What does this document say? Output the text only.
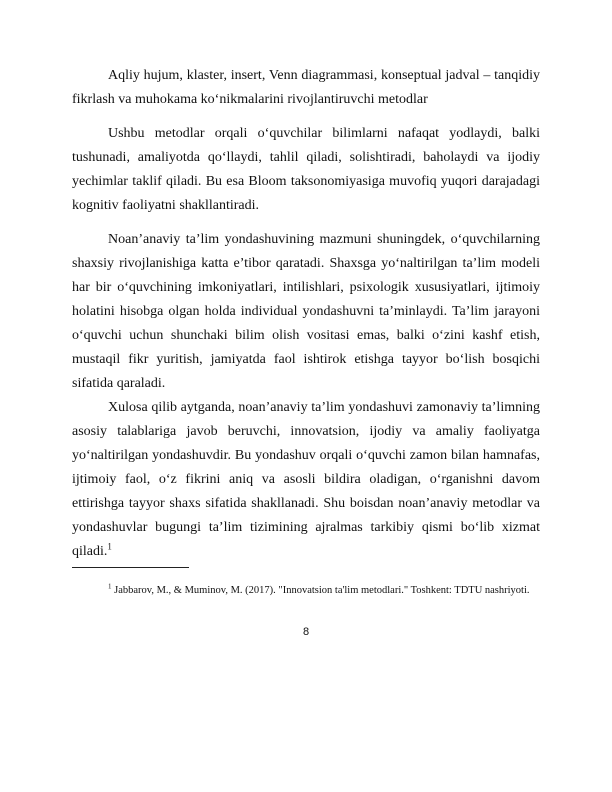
Aqliy hujum, klaster, insert, Venn diagrammasi, konseptual jadval – tanqidiy fikrlash va muhokama ko‘nikmalarini rivojlantiruvchi metodlar

Ushbu metodlar orqali o‘quvchilar bilimlarni nafaqat yodlaydi, balki tushunadi, amaliyotda qo‘llaydi, tahlil qiladi, solishtiradi, baholaydi va ijodiy yechimlar taklif qiladi. Bu esa Bloom taksonomiyasiga muvofiq yuqori darajadagi kognitiv faoliyatni shakllantiradi.

Noan’anaviy ta’lim yondashuvining mazmuni shuningdek, o‘quvchilarning shaxsiy rivojlanishiga katta e’tibor qaratadi. Shaxsga yo‘naltirilgan ta’lim modeli har bir o‘quvchining imkoniyatlari, intilishlari, psixologik xususiyatlari, ijtimoiy holatini hisobga olgan holda individual yondashuvni ta’minlaydi. Ta’lim jarayoni o‘quvchi uchun shunchaki bilim olish vositasi emas, balki o‘zini kashf etish, mustaqil fikr yuritish, jamiyatda faol ishtirok etishga tayyor bo‘lish bosqichi sifatida qaraladi.

Xulosa qilib aytganda, noan’anaviy ta’lim yondashuvi zamonaviy ta’limning asosiy talablariga javob beruvchi, innovatsion, ijodiy va amaliy faoliyatga yo‘naltirilgan yondashuvdir. Bu yondashuv orqali o‘quvchi zamon bilan hamnafas, ijtimoiy faol, o‘z fikrini aniq va asosli bildira oladigan, o‘rganishni davom ettirishga tayyor shaxs sifatida shakllanadi. Shu boisdan noan’anaviy metodlar va yondashuvlar bugungi ta’lim tizimining ajralmas tarkibiy qismi bo‘lib xizmat qiladi.$^1$

$^1$ Jabbarov, M., & Muminov, M. (2017). "Innovatsion ta'lim metodlari." Toshkent: TDTU nashriyoti.

8
